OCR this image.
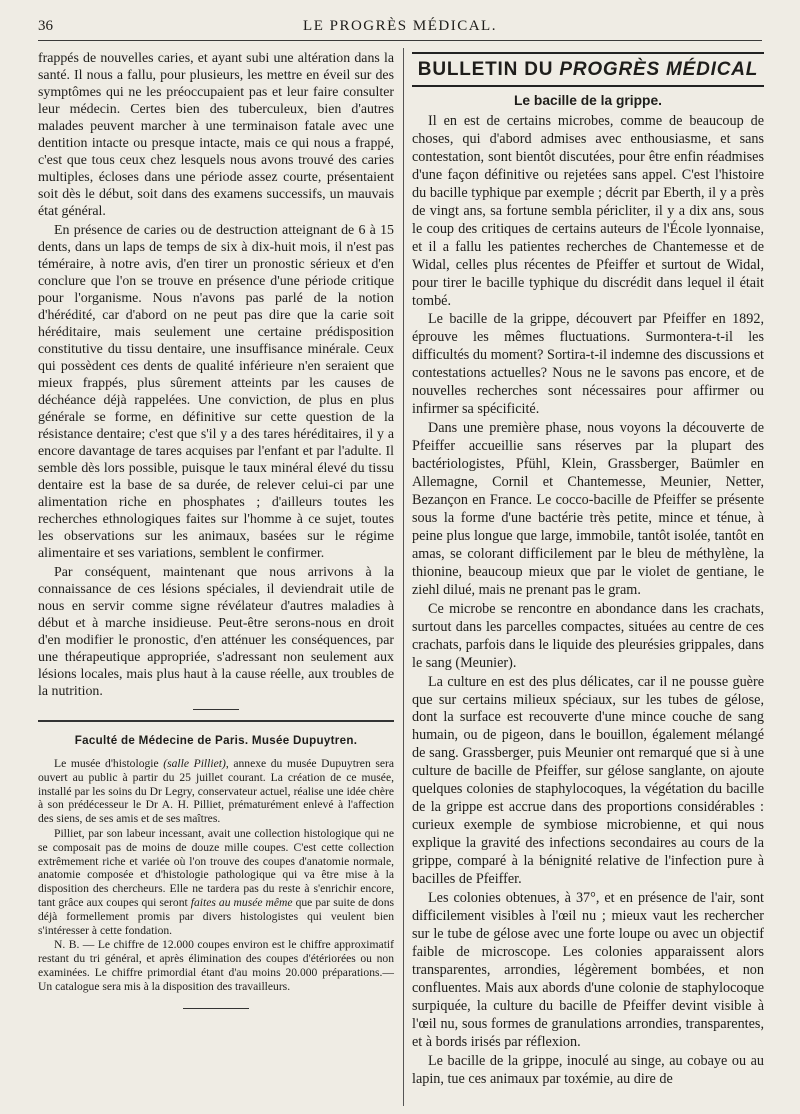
36	LE PROGRÈS MÉDICAL.

frappés de nouvelles caries, et ayant subi une altération dans la santé. Il nous a fallu, pour plusieurs, les mettre en éveil sur des symptômes qui ne les préoccupaient pas et leur faire consulter leur médecin. Certes bien des tuberculeux, bien d'autres malades peuvent marcher à une terminaison fatale avec une dentition intacte ou presque intacte, mais ce qui nous a frappé, c'est que tous ceux chez lesquels nous avons trouvé des caries multiples, écloses dans une période assez courte, présentaient soit dès le début, soit dans des examens successifs, un mauvais état général.

En présence de caries ou de destruction atteignant de 6 à 15 dents, dans un laps de temps de six à dix-huit mois, il n'est pas téméraire, à notre avis, d'en tirer un pronostic sérieux et d'en conclure que l'on se trouve en présence d'une période critique pour l'organisme. Nous n'avons pas parlé de la notion d'hérédité, car d'abord on ne peut pas dire que la carie soit héréditaire, mais seulement une certaine prédisposition constitutive du tissu dentaire, une insuffisance minérale. Ceux qui possèdent ces dents de qualité inférieure n'en seraient que mieux frappés, plus sûrement atteints par les causes de déchéance déjà rappelées. Une conviction, de plus en plus générale se forme, en définitive sur cette question de la résistance dentaire; c'est que s'il y a des tares héréditaires, il y a encore davantage de tares acquises par l'enfant et par l'adulte. Il semble dès lors possible, puisque le taux minéral élevé du tissu dentaire est la base de sa durée, de relever celui-ci par une alimentation riche en phosphates ; d'ailleurs toutes les recherches ethnologiques faites sur l'homme à ce sujet, toutes les observations sur les animaux, basées sur le régime alimentaire et ses variations, semblent le confirmer.

Par conséquent, maintenant que nous arrivons à la connaissance de ces lésions spéciales, il deviendrait utile de nous en servir comme signe révélateur d'autres maladies à début et à marche insidieuse. Peut-être serons-nous en droit d'en modifier le pronostic, d'en atténuer les conséquences, par une thérapeutique appropriée, s'adressant non seulement aux lésions locales, mais plus haut à la cause réelle, aux troubles de la nutrition.

Faculté de Médecine de Paris. Musée Dupuytren.

Le musée d'histologie (salle Pilliet), annexe du musée Dupuytren sera ouvert au public à partir du 25 juillet courant. La création de ce musée, installé par les soins du Dr Legry, conservateur actuel, réalise une idée chère à son prédécesseur le Dr A. H. Pilliet, prématurément enlevé à l'affection des siens, de ses amis et de ses maîtres.

Pilliet, par son labeur incessant, avait une collection histologique qui ne se composait pas de moins de douze mille coupes. C'est cette collection extrêmement riche et variée où l'on trouve des coupes d'anatomie normale, anatomie composée et d'histologie pathologique qui va être mise à la disposition des chercheurs. Elle ne tardera pas du reste à s'enrichir encore, tant grâce aux coupes qui seront faites au musée même que par suite de dons déjà formellement promis par divers histologistes qui veulent bien s'intéresser à cette fondation.

N. B. — Le chiffre de 12.000 coupes environ est le chiffre approximatif restant du tri général, et après élimination des coupes d'étériorées ou non examinées. Le chiffre primordial étant d'au moins 20.000 préparations.— Un catalogue sera mis à la disposition des travailleurs.

BULLETIN DU PROGRÈS MÉDICAL
Le bacille de la grippe.

Il en est de certains microbes, comme de beaucoup de choses, qui d'abord admises avec enthousiasme, et sans contestation, sont bientôt discutées, pour être enfin réadmises d'une façon définitive ou rejetées sans appel. C'est l'histoire du bacille typhique par exemple ; décrit par Eberth, il y a près de vingt ans, sa fortune sembla péricliter, il y a dix ans, sous le coup des critiques de certains auteurs de l'École lyonnaise, et il a fallu les patientes recherches de Chantemesse et de Widal, celles plus récentes de Pfeiffer et surtout de Widal, pour tirer le bacille typhique du discrédit dans lequel il était tombé.

Le bacille de la grippe, découvert par Pfeiffer en 1892, éprouve les mêmes fluctuations. Surmontera-t-il les difficultés du moment? Sortira-t-il indemne des discussions et contestations actuelles? Nous ne le savons pas encore, et de nouvelles recherches sont nécessaires pour affirmer ou infirmer sa spécificité.

Dans une première phase, nous voyons la découverte de Pfeiffer accueillie sans réserves par la plupart des bactériologistes, Pfühl, Klein, Grassberger, Baümler en Allemagne, Cornil et Chantemesse, Meunier, Netter, Bezançon en France. Le cocco-bacille de Pfeiffer se présente sous la forme d'une bactérie très petite, mince et ténue, à peine plus longue que large, immobile, tantôt isolée, tantôt en amas, se colorant difficilement par le bleu de méthylène, la thionine, beaucoup mieux que par le violet de gentiane, le ziehl dilué, mais ne prenant pas le gram.

Ce microbe se rencontre en abondance dans les crachats, surtout dans les parcelles compactes, situées au centre de ces crachats, parfois dans le liquide des pleurésies grippales, dans le sang (Meunier).

La culture en est des plus délicates, car il ne pousse guère que sur certains milieux spéciaux, sur les tubes de gélose, dont la surface est recouverte d'une mince couche de sang humain, ou de pigeon, dans le bouillon, également mélangé de sang. Grassberger, puis Meunier ont remarqué que si à une culture de bacille de Pfeiffer, sur gélose sanglante, on ajoute quelques colonies de staphylocoques, la végétation du bacille de la grippe est accrue dans des proportions considérables : curieux exemple de symbiose microbienne, et qui nous explique la gravité des infections secondaires au cours de la grippe, comparé à la bénignité relative de l'infection pure à bacilles de Pfeiffer.

Les colonies obtenues, à 37°, et en présence de l'air, sont difficilement visibles à l'œil nu ; mieux vaut les rechercher sur le tube de gélose avec une forte loupe ou avec un objectif faible de microscope. Les colonies apparaissent alors transparentes, arrondies, légèrement bombées, et non confluentes. Mais aux abords d'une colonie de staphylocoque surpiquée, la culture du bacille de Pfeiffer devint visible à l'œil nu, sous formes de granulations arrondies, transparentes, et à bords irisés par réflexion.

Le bacille de la grippe, inoculé au singe, au cobaye ou au lapin, tue ces animaux par toxémie, au dire de
